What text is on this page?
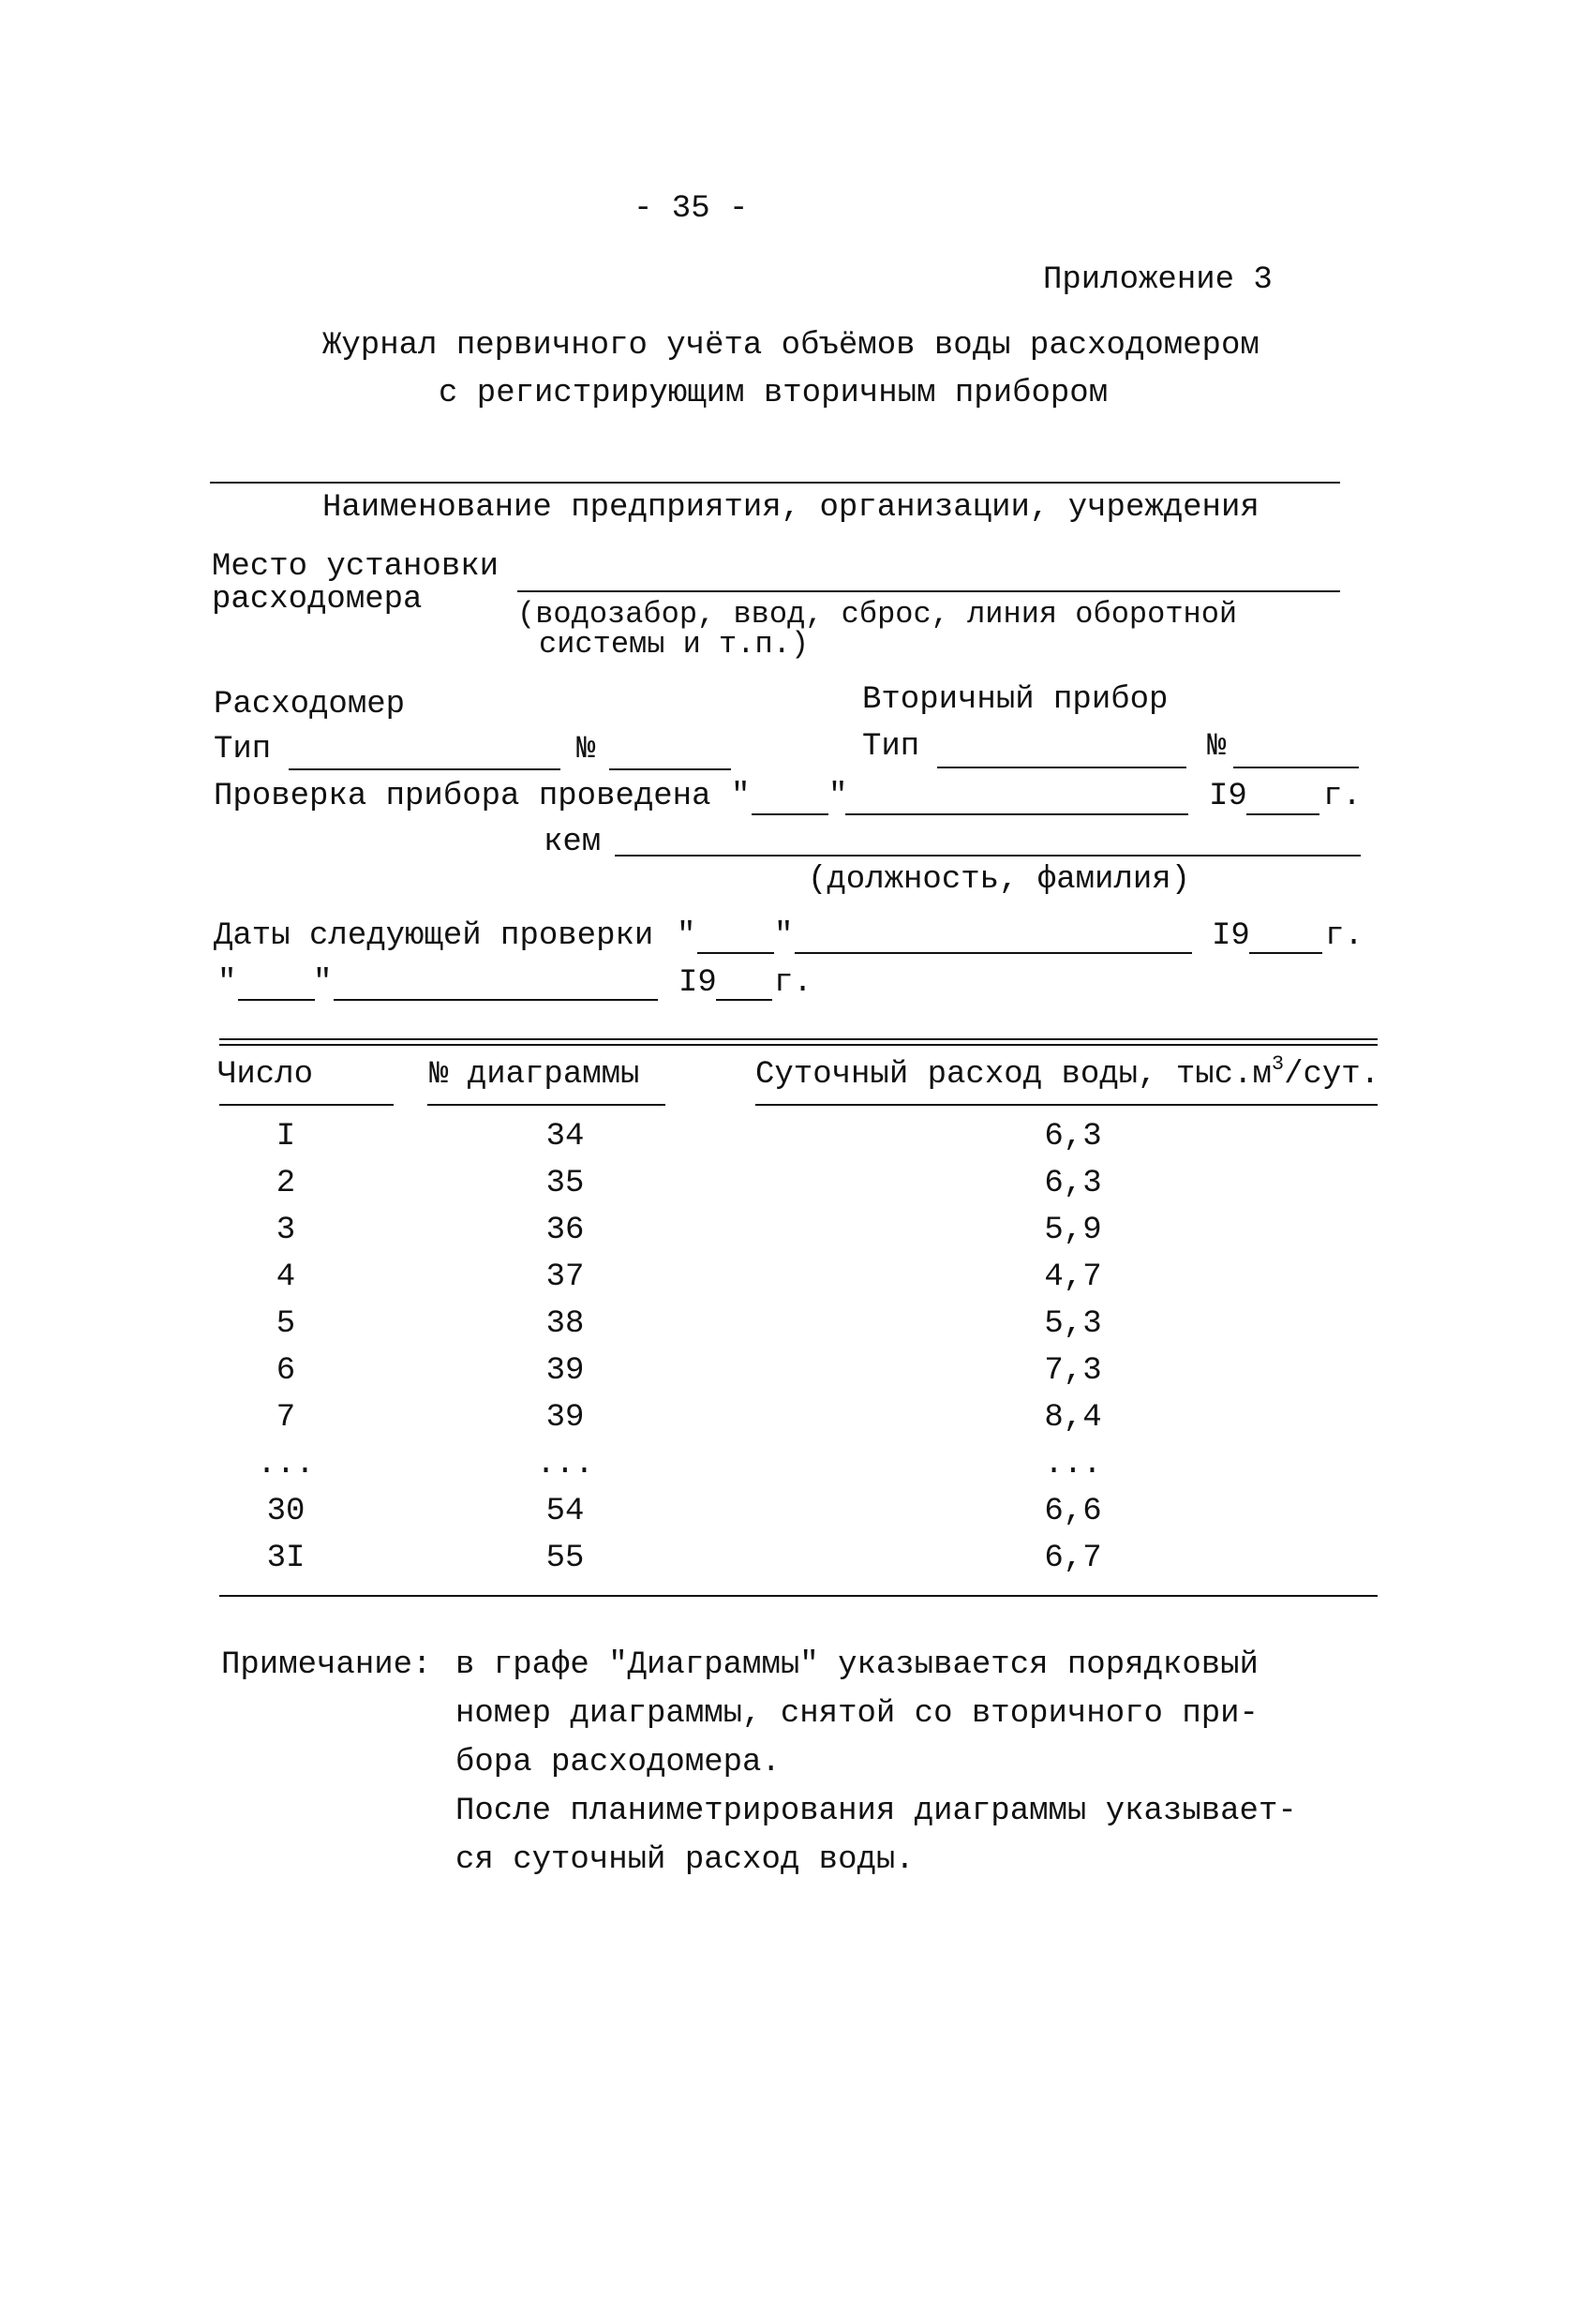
- 35 -
Приложение 3
Журнал первичного учёта объёмов воды расходомером
с регистрирующим вторичным прибором
Наименование предприятия, организации, учреждения
Место установки
расходомера	(водозабор, ввод, сброс, линия оборотной
системы и т.п.)
Расходомер	Вторичный прибор
Тип	№	Тип	№
Проверка прибора проведена " "	I9 г.
кем
(должность, фамилия)
Даты следующей проверки " "	I9 г.
" "	I9 г.
Число	№ диаграммы	Суточный расход воды, $тыс.м^3$/сут.
I	34	6,3
2	35	6,3
3	36	5,9
4	37	4,7
5	38	5,3
6	39	7,3
7	39	8,4
...	...	...
30	54	6,6
3I	55	6,7
Примечание: в графе "Диаграммы" указывается порядковый
номер диаграммы, снятой со вторичного при-
бора расходомера.
После планиметрирования диаграммы указывает-
ся суточный расход воды.
